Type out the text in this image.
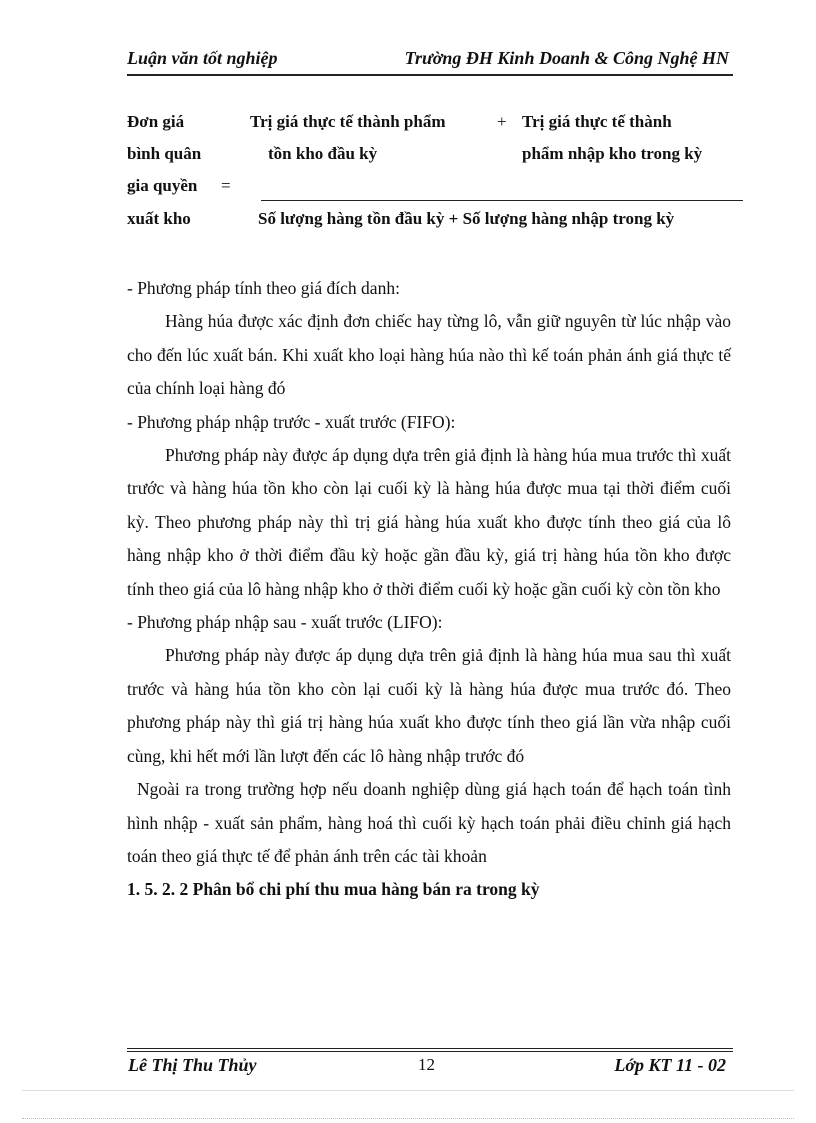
Luận văn tốt nghiệp	Trường ĐH Kinh Doanh & Công Nghệ HN
Đơn giá
bình quân
gia quyền =
xuất kho
Trị giá thực tế thành phẩm
tồn kho đầu kỳ
+ Trị giá thực tế thành
phẩm nhập kho trong kỳ
Số lượng hàng tồn đầu kỳ + Số lượng hàng nhập trong kỳ

- Phương pháp tính theo giá đích danh:

Hàng húa được xác định đơn chiếc hay từng lô, vẫn giữ nguyên từ lúc nhập vào cho đến lúc xuất bán. Khi xuất kho loại hàng húa nào thì kế toán phản ánh giá thực tế của chính loại hàng đó

- Phương pháp nhập trước - xuất trước (FIFO):

Phương pháp này được áp dụng dựa trên giả định là hàng húa mua trước thì xuất trước và hàng húa tồn kho còn lại cuối kỳ là hàng húa được mua tại thời điểm cuối kỳ. Theo phương pháp này thì trị giá hàng húa xuất kho được tính theo giá của lô hàng nhập kho ở thời điểm đầu kỳ hoặc gần đầu kỳ, giá trị hàng húa tồn kho được tính theo giá của lô hàng nhập kho ở thời điểm cuối kỳ hoặc gần cuối kỳ còn tồn kho

- Phương pháp nhập sau - xuất trước (LIFO):

Phương pháp này được áp dụng dựa trên giả định là hàng húa mua sau thì xuất trước và hàng húa tồn kho còn lại cuối kỳ là hàng húa được mua trước đó. Theo phương pháp này thì giá trị hàng húa xuất kho được tính theo giá lần vừa nhập cuối cùng, khi hết mới lần lượt đến các lô hàng nhập trước đó

Ngoài ra trong trường hợp nếu doanh nghiệp dùng giá hạch toán để hạch toán tình hình nhập - xuất sản phẩm, hàng hoá thì cuối kỳ hạch toán phải điều chỉnh giá hạch toán theo giá thực tế để phản ánh trên các tài khoản

1. 5. 2. 2 Phân bổ chi phí thu mua hàng bán ra trong kỳ
Lê Thị Thu Thủy	12	Lớp KT 11 - 02
